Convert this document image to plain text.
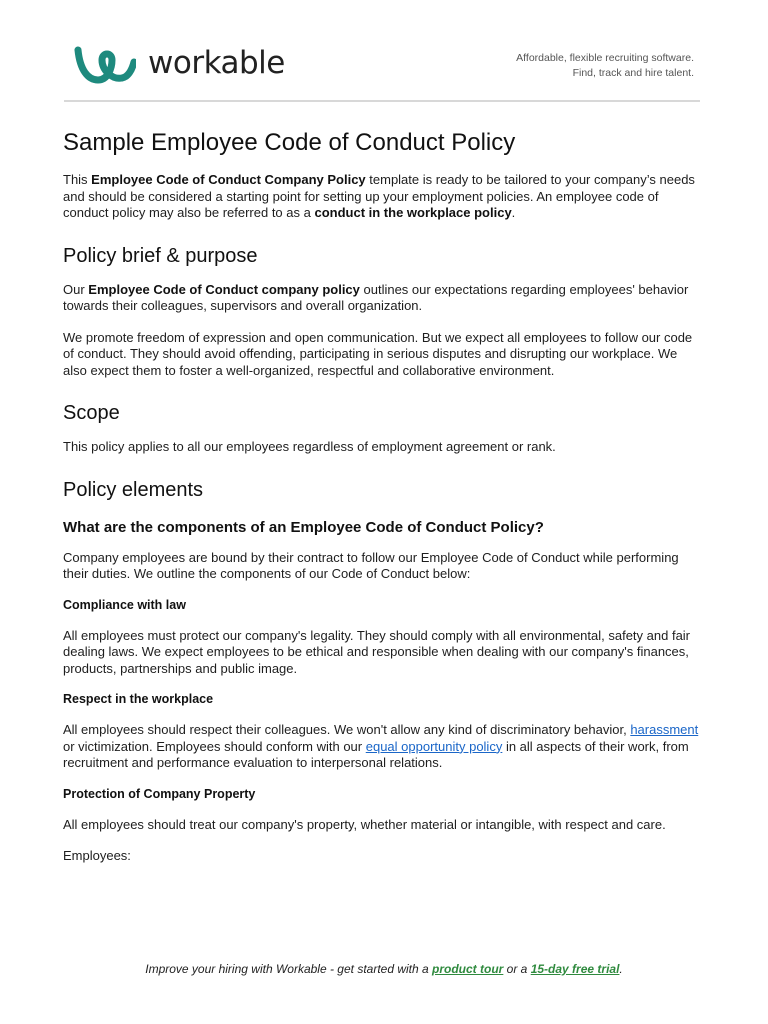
workable	Affordable, flexible recruiting software.
Find, track and hire talent.
Sample Employee Code of Conduct Policy

This Employee Code of Conduct Company Policy template is ready to be tailored to your company’s needs and should be considered a starting point for setting up your employment policies. An employee code of conduct policy may also be referred to as a conduct in the workplace policy.

Policy brief & purpose

Our Employee Code of Conduct company policy outlines our expectations regarding employees' behavior towards their colleagues, supervisors and overall organization.

We promote freedom of expression and open communication. But we expect all employees to follow our code of conduct. They should avoid offending, participating in serious disputes and disrupting our workplace. We also expect them to foster a well-organized, respectful and collaborative environment.

Scope

This policy applies to all our employees regardless of employment agreement or rank.

Policy elements
What are the components of an Employee Code of Conduct Policy?

Company employees are bound by their contract to follow our Employee Code of Conduct while performing their duties. We outline the components of our Code of Conduct below:

Compliance with law

All employees must protect our company's legality. They should comply with all environmental, safety and fair dealing laws. We expect employees to be ethical and responsible when dealing with our company's finances, products, partnerships and public image.

Respect in the workplace

All employees should respect their colleagues. We won't allow any kind of discriminatory behavior, harassment or victimization. Employees should conform with our equal opportunity policy in all aspects of their work, from recruitment and performance evaluation to interpersonal relations.

Protection of Company Property

All employees should treat our company's property, whether material or intangible, with respect and care.

Employees:

Improve your hiring with Workable - get started with a product tour or a 15-day free trial.
